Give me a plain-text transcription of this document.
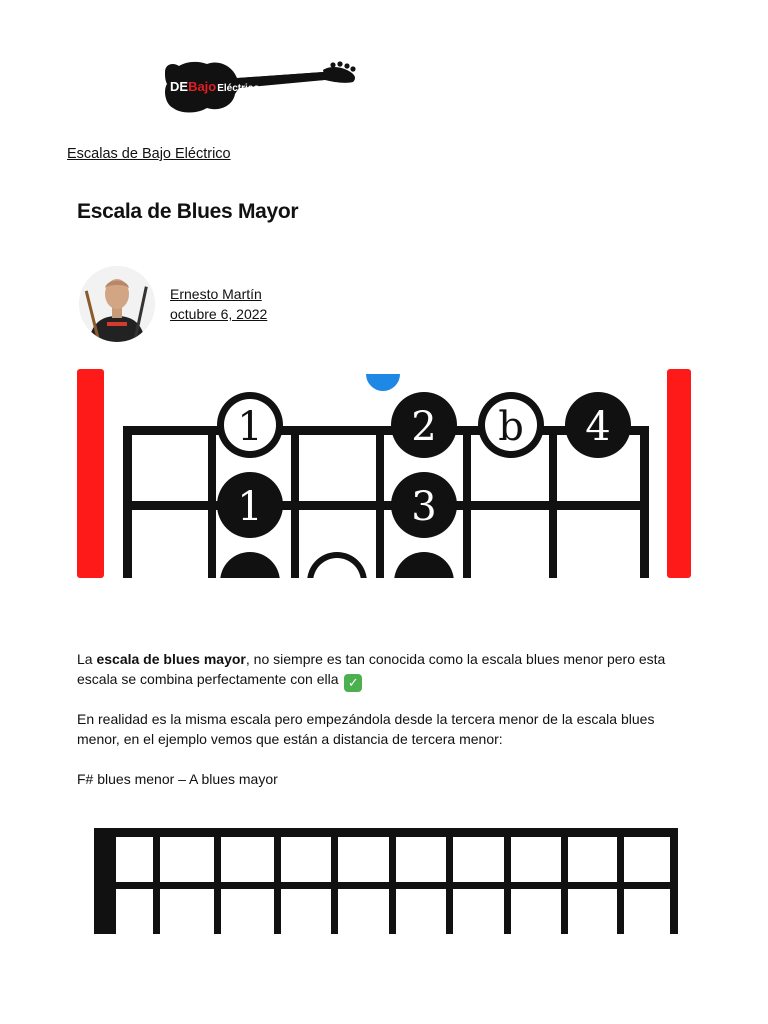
DEBajoEléctrico
Escalas de Bajo Eléctrico
Escala de Blues Mayor
Ernesto Martín
octubre 6, 2022
1	2 b 4
1	3

La escala de blues mayor, no siempre es tan conocida como la escala blues menor pero esta escala se combina perfectamente con ella ✓

En realidad es la misma escala pero empezándola desde la tercera menor de la escala blues menor, en el ejemplo vemos que están a distancia de tercera menor:

F# blues menor – A blues mayor
